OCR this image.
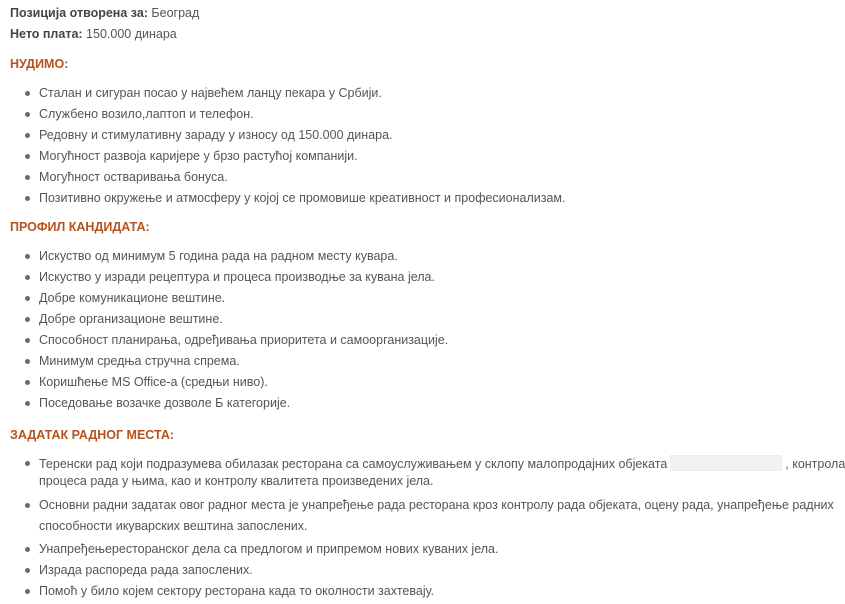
Позиција отворена за: Београд
Нето плата: 150.000 динара
НУДИМО:
Сталан и сигуран посао у највећем ланцу пекара у Србији.
Службено возило,лаптоп и телефон.
Редовну и стимулативну зараду у износу од 150.000 динара.
Могућност развоја каријере у брзо растућој компанији.
Могућност остваривања бонуса.
Позитивно окружење и атмосферу у којој се промовише креативност и професионализам.
ПРОФИЛ КАНДИДАТА:
Искуство од минимум 5 година рада на радном месту кувара.
Искуство у изради рецептура и процеса производње за кувана јела.
Добре комуникационе вештине.
Добре организационе вештине.
Способност планирања, одређивања приоритета и самоорганизације.
Минимум средња стручна спрема.
Коришћење MS Office-а (средњи ниво).
Поседовање возачке дозволе Б категорије.
ЗАДАТАК РАДНОГ МЕСТА:
Теренски рад који подразумева обилазак ресторана са самоуслуживањем у склопу малопродајних објеката	, контрола
процеса рада у њима, као и контролу квалитета произведених јела.
Основни радни задатак овог радног места је унапређење рада ресторана кроз контролу рада објеката, оцену рада, унапређење радних
способности икуварских вештина запослених.
Унапређењересторанског дела са предлогом и припремом нових куваних јела.
Израда распореда рада запослених.
Помоћ у било којем сектору ресторана када то околности захтевају.
